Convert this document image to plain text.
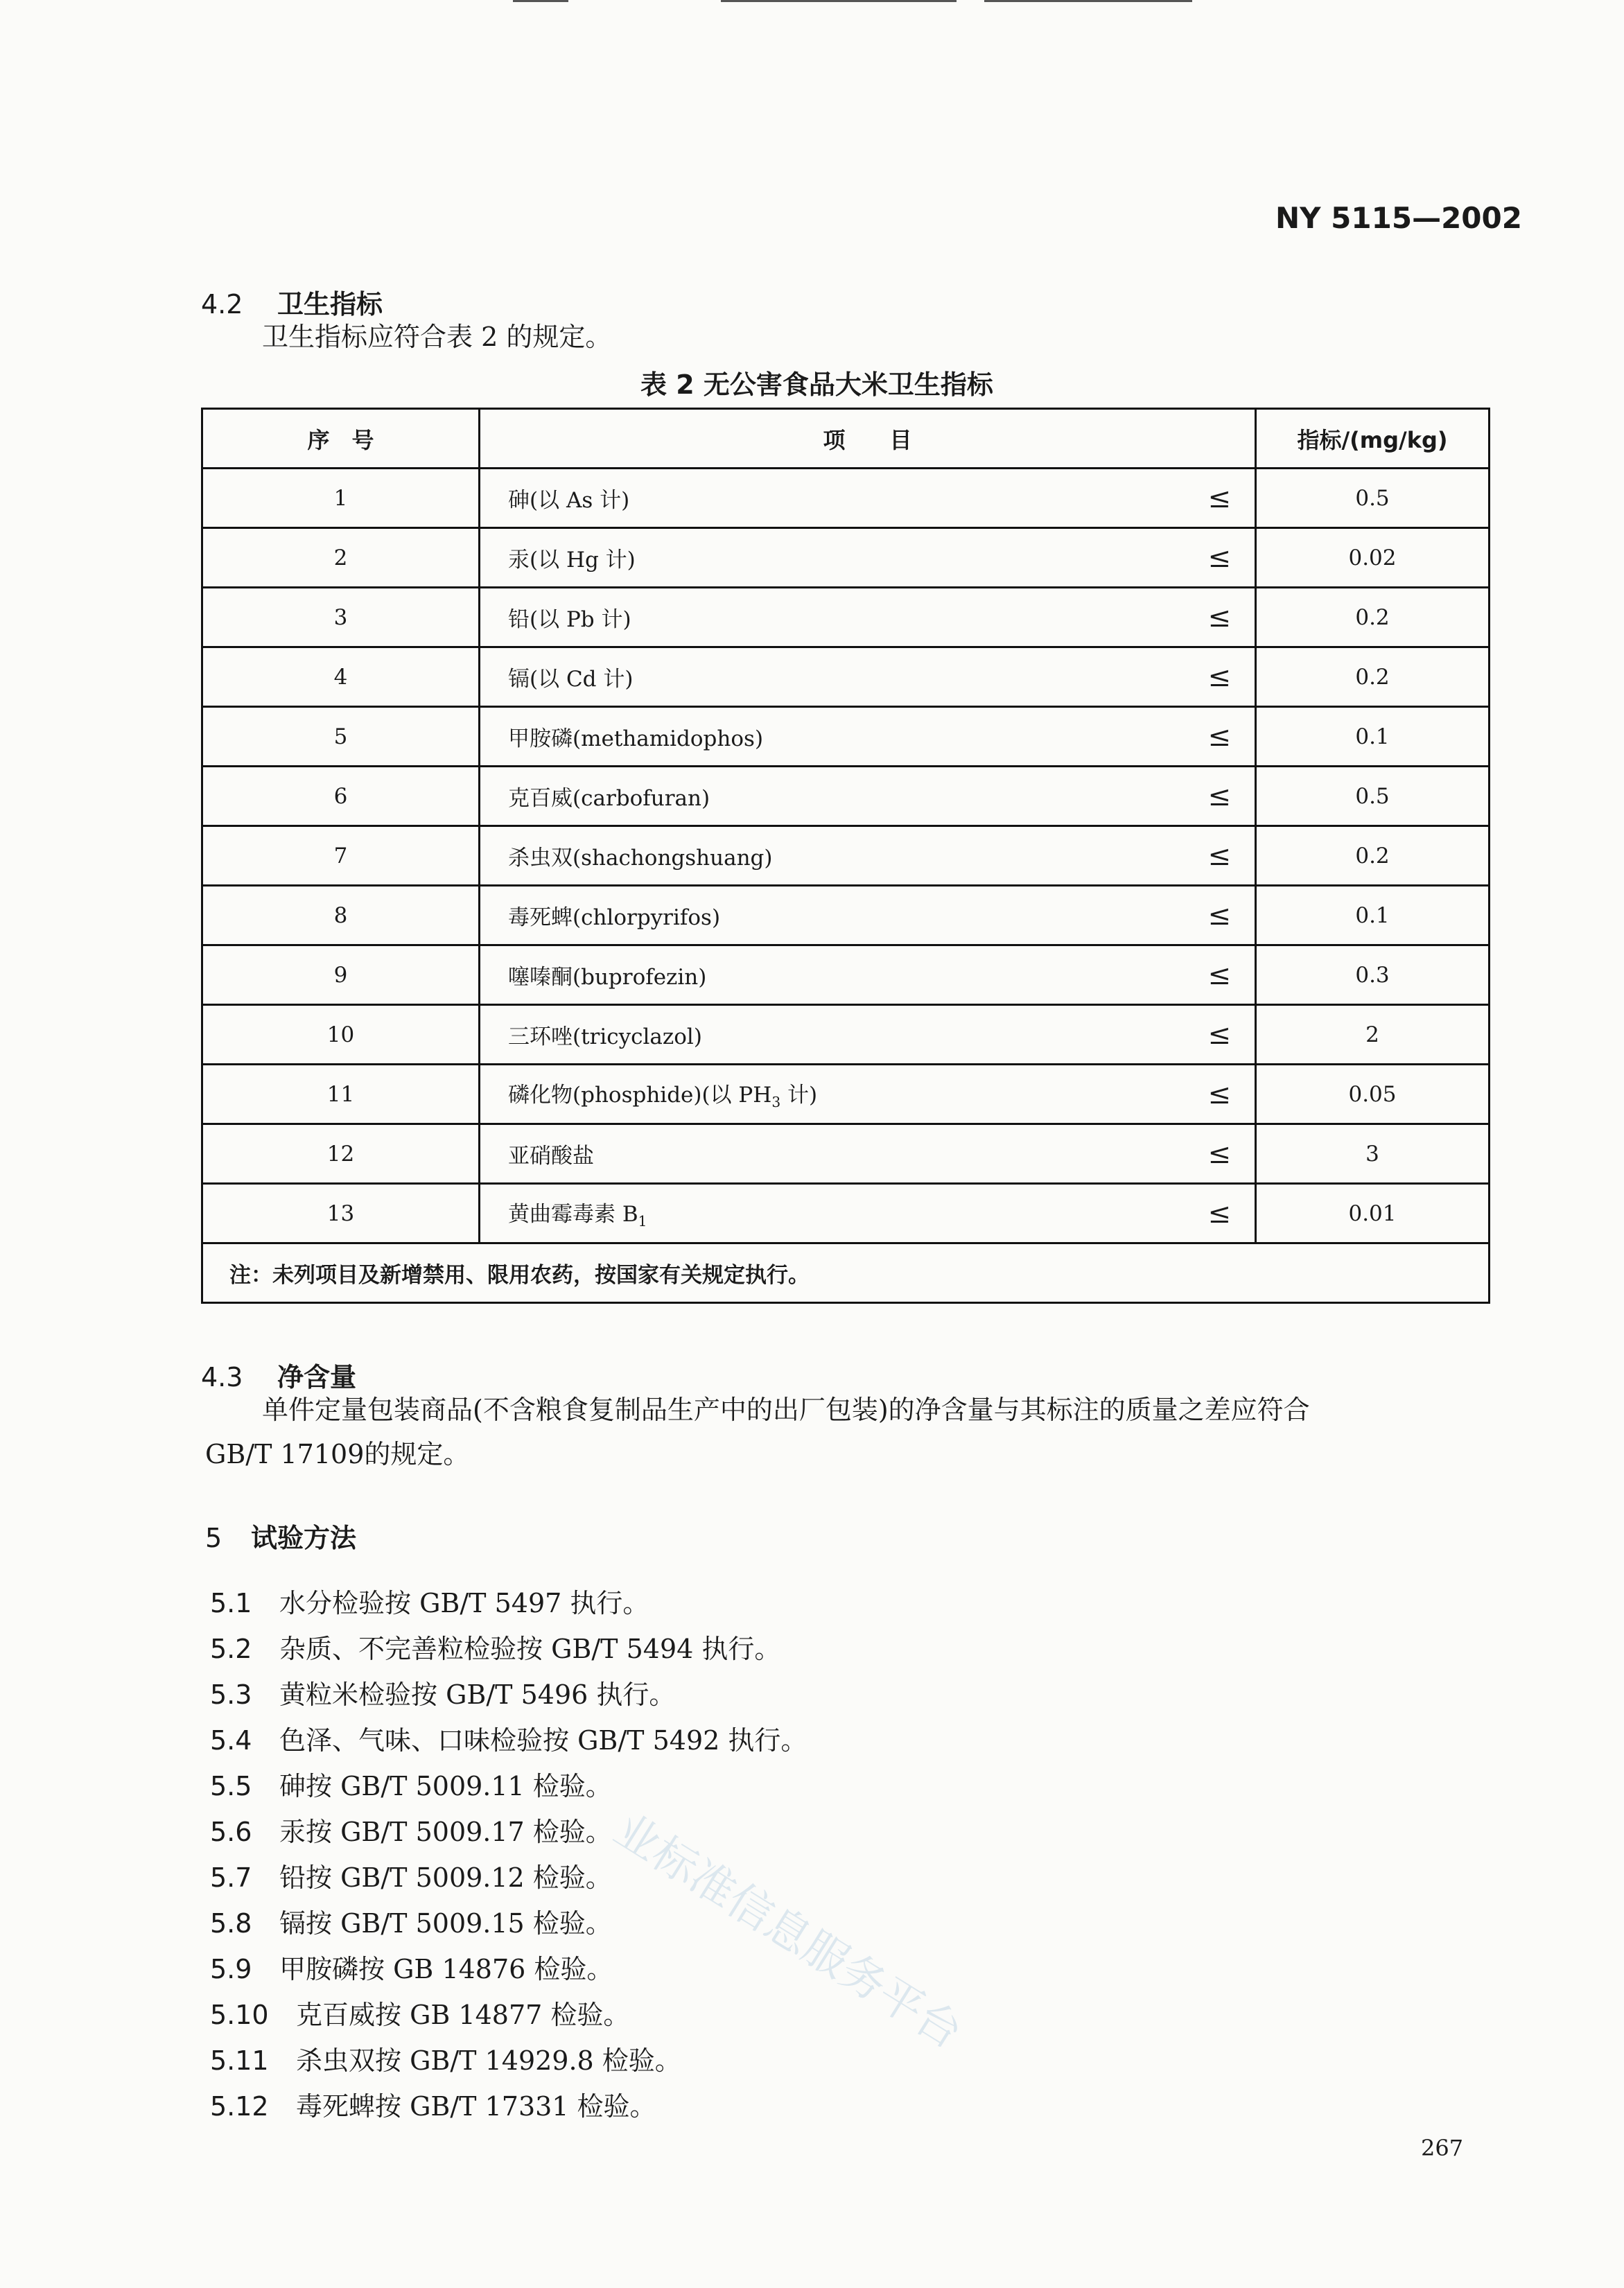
NY 5115—2002
4.2 卫生指标
卫生指标应符合表 2 的规定。
表 2 无公害食品大米卫生指标
序　号	项　　目	指标/(mg/kg)
1	砷(以 As 计) ≤	0.5
2	汞(以 Hg 计) ≤	0.02
3	铅(以 Pb 计) ≤	0.2
4	镉(以 Cd 计) ≤	0.2
5	甲胺磷(methamidophos) ≤	0.1
6	克百威(carbofuran) ≤	0.5
7	杀虫双(shachongshuang) ≤	0.2
8	毒死蜱(chlorpyrifos) ≤	0.1
9	噻嗪酮(buprofezin) ≤	0.3
10	三环唑(tricyclazol) ≤	2
11	磷化物(phosphide)(以 $PH_3$ 计) ≤	0.05
12	亚硝酸盐 ≤	3
13	黄曲霉毒素 $B_1$ ≤	0.01
注：未列项目及新增禁用、限用农药，按国家有关规定执行。		
4.3 净含量
单件定量包装商品(不含粮食复制品生产中的出厂包装)的净含量与其标注的质量之差应符合
GB/T 17109的规定。
5 试验方法
5.1 水分检验按 GB/T 5497 执行。
5.2 杂质、不完善粒检验按 GB/T 5494 执行。
5.3 黄粒米检验按 GB/T 5496 执行。
5.4 色泽、气味、口味检验按 GB/T 5492 执行。
5.5 砷按 GB/T 5009.11 检验。
5.6 汞按 GB/T 5009.17 检验。
5.7 铅按 GB/T 5009.12 检验。
5.8 镉按 GB/T 5009.15 检验。
5.9 甲胺磷按 GB 14876 检验。
5.10 克百威按 GB 14877 检验。
5.11 杀虫双按 GB/T 14929.8 检验。
5.12 毒死蜱按 GB/T 17331 检验。
业标准信息服务平台
267
